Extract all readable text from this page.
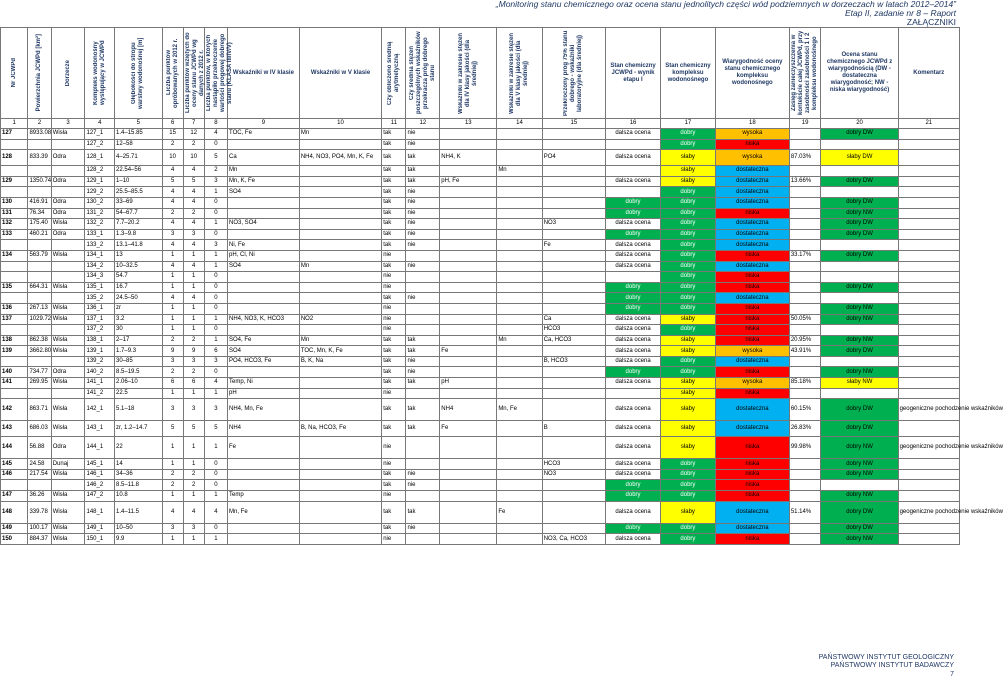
„Monitoring stanu chemicznego oraz ocena stanu jednolitych części wód podziemnych w dorzeczach w latach 2012–2014”
Etap II, zadanie nr 8 – Raport
ZAŁĄCZNIKI
Nr JCWPd	Powierzchnia JCWPd [km²]	Dorzecze	Kompleks wodonośny występujący w JCWPd	Głębokości do stropu warstwy wodonośnej [m]	Liczba punktów opróbowanych w 2012 r.	Liczba punktów wziętych do oceny stanu JCWPd wg danych z 2012 r.	Liczba punktów, w których nastąpiło przekroczenie wartości progowej dobrego stanu (KLASA III/IV/V)	Wskaźniki w IV klasie	Wskaźniki w V klasie	Czy obliczono średnią arytmetyczną	Czy średnia stężeń poszczególnych wskaźników przekracza próg dobrego stanu	Wskaźniki w zakresie stężeń dla IV klasy jakości (dla średniej)	Wskaźniki w zakresie stężeń dla V klasy jakości (dla średniej)	Przekroczony próg 75% stanu dobrego - wskaźniki laboratoryjne (dla średniej)	Stan chemiczny JCWPd - wynik etapu I	Stan chemiczny kompleksu wodonośnego	Wiarygodność oceny stanu chemicznego kompleksu wodonośnego	Zasięg zanieczyszczenia w kontekście całej JCWPd, przy zasobności zasobności 1 i 2 kompleksu wodonośnego	Ocena stanu chemicznego JCWPd z wiarygodnością (DW - dostateczna wiarygodność; NW - niska wiarygodność)	Komentarz
1	2	3	4	5	6	7	8	9	10	11	12	13	14	15	16	17	18	19	20	21
127	8933.08	Wisła	127_1	1.4–15.85	15	12	4	TOC, Fe	Mn	tak	nie				dalsza ocena	dobry	wysoka		dobry DW	
			127_2	12–58	2	2	0			tak	nie					dobry	niska			
128	833.39	Odra	128_1	4–25.71	10	10	5	Ca	NH4, NO3, PO4, Mn, K, Fe	tak	tak	NH4, K		PO4	dalsza ocena	słaby	wysoka	87.03%	słaby DW	
			128_2	22.54–56	4	4	2	Mn		tak	tak		Mn			słaby	dostateczna			
129	1350.74	Odra	129_1	1–10	5	5	3	Mn, K, Fe		tak	tak	pH, Fe			dalsza ocena	słaby	dostateczna	13.66%	dobry DW	
			129_2	25.5–85.5	4	4	1	SO4		tak	nie					dobry	dostateczna			
130	416.91	Odra	130_2	33–69	4	4	0			tak	nie				dobry	dobry	dostateczna		dobry DW	
131	76.34	Odra	131_2	54–67.7	2	2	0			tak	nie				dobry	dobry	niska		dobry NW	
132	175.40	Wisła	132_2	7.7–20.2	4	4	1	NO3, SO4		tak	nie			NO3	dalsza ocena	dobry	dostateczna		dobry DW	
133	460.21	Odra	133_1	1.3–9.8	3	3	0			tak	nie				dobry	dobry	dostateczna		dobry DW	
			133_2	13.1–41.8	4	4	3	Ni, Fe		tak	nie			Fe	dalsza ocena	dobry	dostateczna			
134	563.79	Wisła	134_1	13	1	1	1	pH, Cl, Ni		nie					dalsza ocena	dobry	niska	33.17%	dobry DW	
			134_2	10–32.5	4	4	1	SO4	Mn	tak	nie				dalsza ocena	dobry	dostateczna			
			134_3	54.7	1	1	0			nie						dobry	niska			
135	664.31	Wisła	135_1	16.7	1	1	0			nie					dobry	dobry	niska		dobry DW	
			135_2	24.5–50	4	4	0			tak	nie				dobry	dobry	dostateczna			
136	267.13	Wisła	136_1	zr	1	1	0			nie					dobry	dobry	niska		dobry NW	
137	1029.72	Wisła	137_1	3.2	1	1	1	NH4, NO3, K, HCO3	NO2	nie				Ca	dalsza ocena	słaby	niska	50.05%	dobry NW	
			137_2	30	1	1	0			nie				HCO3	dalsza ocena	dobry	niska			
138	862.38	Wisła	138_1	2–17	2	2	1	SO4, Fe	Mn	tak	tak		Mn	Ca, HCO3	dalsza ocena	słaby	niska	20.95%	dobry NW	
139	3662.80	Wisła	139_1	1.7–9.3	9	9	6	SO4	TOC, Mn, K, Fe	tak	tak	Fe			dalsza ocena	słaby	wysoka	43.91%	dobry DW	
			139_2	30–85	3	3	3	PO4, HCO3, Fe	B, K, Na	tak	nie			B, HCO3	dalsza ocena	dobry	dostateczna			
140	734.77	Odra	140_2	8.5–19.5	2	2	0			tak	nie				dobry	dobry	niska		dobry NW	
141	269.95	Wisła	141_1	2.06–10	6	6	4	Temp, Ni		tak	tak	pH			dalsza ocena	słaby	wysoka	85.18%	słaby NW	
			141_2	22.5	1	1	1	pH		nie						słaby	niska			
142	863.71	Wisła	142_1	5.1–18	3	3	3	NH4, Mn, Fe		tak	tak	NH4	Mn, Fe		dalsza ocena	słaby	dostateczna	60.15%	dobry DW	geogeniczne pochodzenie wskaźników
143	686.03	Wisła	143_1	zr, 1.2–14.7	5	5	5	NH4	B, Na, HCO3, Fe	tak	tak	Fe		B	dalsza ocena	słaby	dostateczna	26.83%	dobry DW	
144	56.88	Odra	144_1	22	1	1	1	Fe		nie					dalsza ocena	słaby	niska	99.98%	dobry NW	geogeniczne pochodzenie wskaźników
145	24.58	Dunaj	145_1	14	1	1	0			nie				HCO3	dalsza ocena	dobry	niska		dobry NW	
146	217.54	Wisła	146_1	34–36	2	2	0			tak	nie			NO3	dalsza ocena	dobry	niska		dobry NW	
			146_2	8.5–11.8	2	2	0			tak	nie				dobry	dobry	niska			
147	36.26	Wisła	147_2	10.8	1	1	1	Temp		nie					dobry	dobry	niska		dobry NW	
148	339.78	Wisła	148_1	1.4–11.5	4	4	4	Mn, Fe		tak	tak		Fe		dalsza ocena	słaby	dostateczna	51.14%	dobry DW	geogeniczne pochodzenie wskaźników
149	100.17	Wisła	149_1	10–50	3	3	0			tak	nie				dobry	dobry	dostateczna		dobry DW	
150	884.37	Wisła	150_1	9.9	1	1	1			nie				NO3, Ca, HCO3	dalsza ocena	dobry	niska		dobry NW	
PAŃSTWOWY INSTYTUT GEOLOGICZNY
PAŃSTWOWY INSTYTUT BADAWCZY
7
